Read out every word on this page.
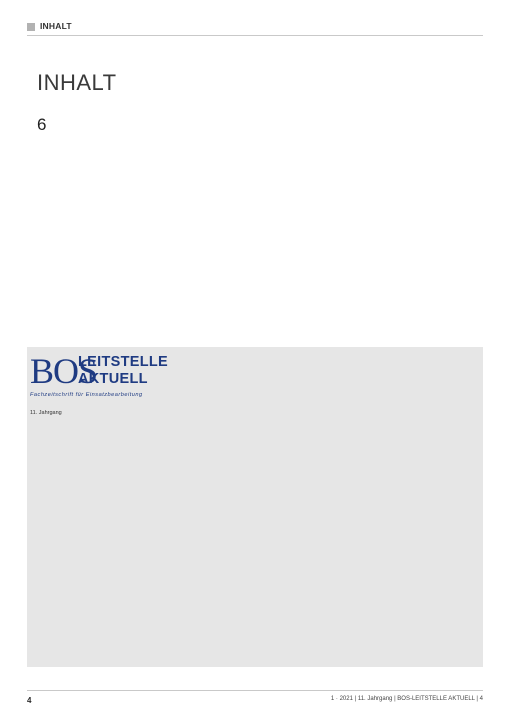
INHALT
INHALT
6
BOS
LEITSTELLE
AKTUELL
Fachzeitschrift für Einsatzbearbeitung
11. Jahrgang
4	1 · 2021 | 11. Jahrgang | BOS-LEITSTELLE AKTUELL | 4
